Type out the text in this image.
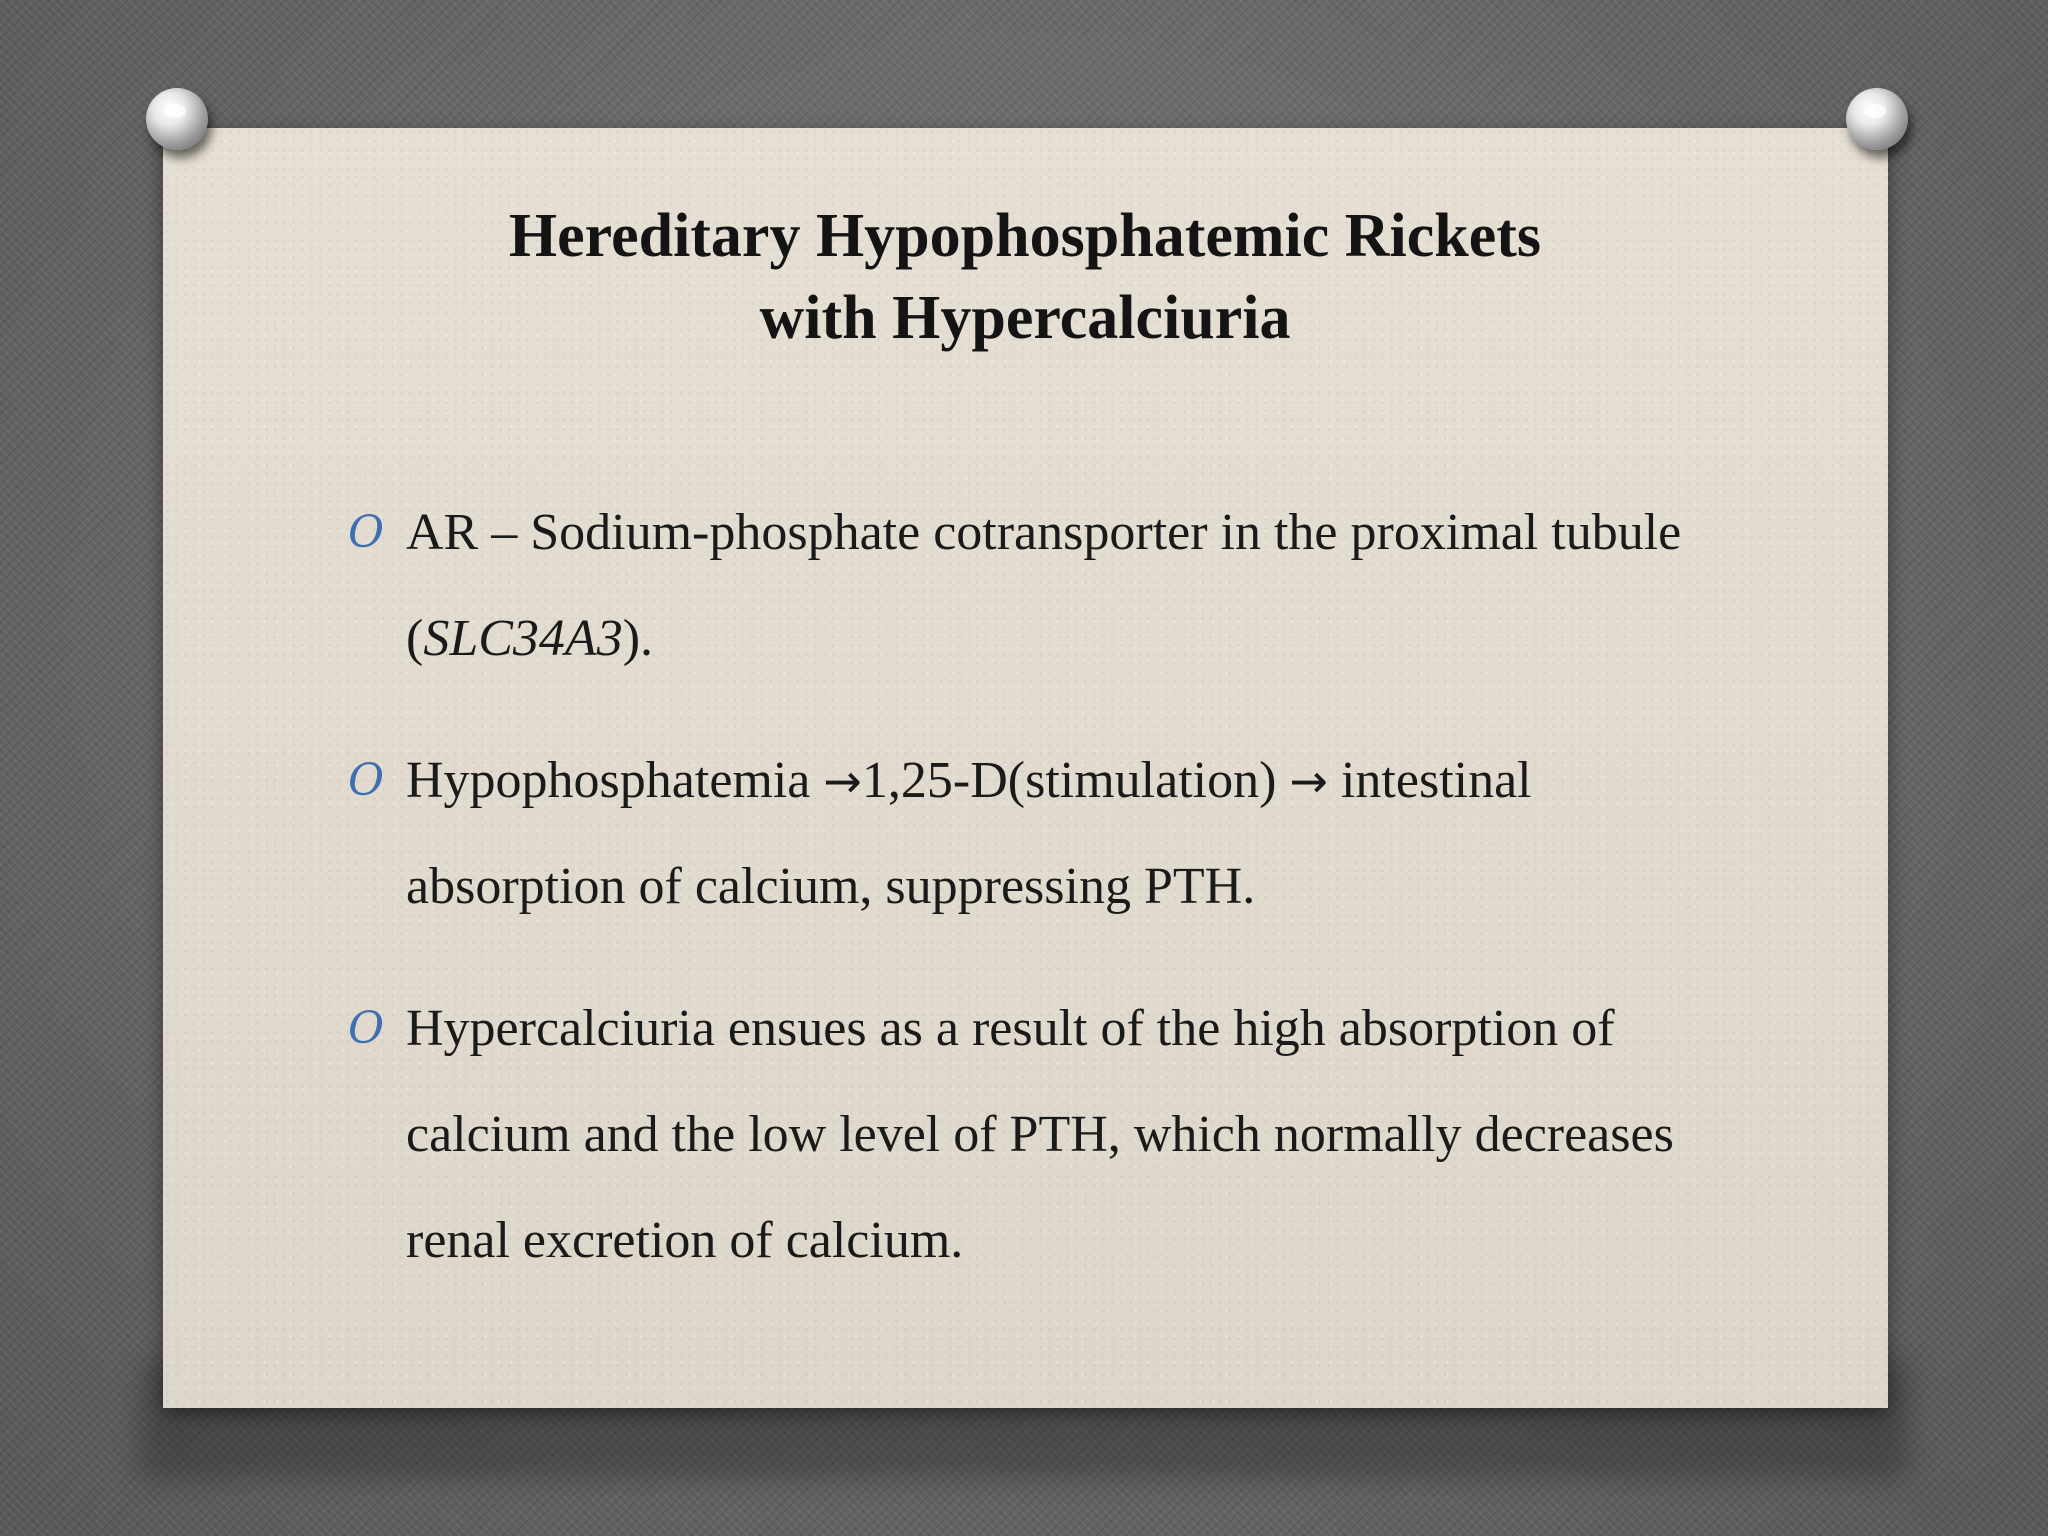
Hereditary Hypophosphatemic Rickets
with Hypercalciuria
O AR – Sodium-phosphate cotransporter in the proximal tubule (SLC34A3).
O Hypophosphatemia →1,25-D(stimulation) → intestinal absorption of calcium, suppressing PTH.
O Hypercalciuria ensues as a result of the high absorption of calcium and the low level of PTH, which normally decreases renal excretion of calcium.
